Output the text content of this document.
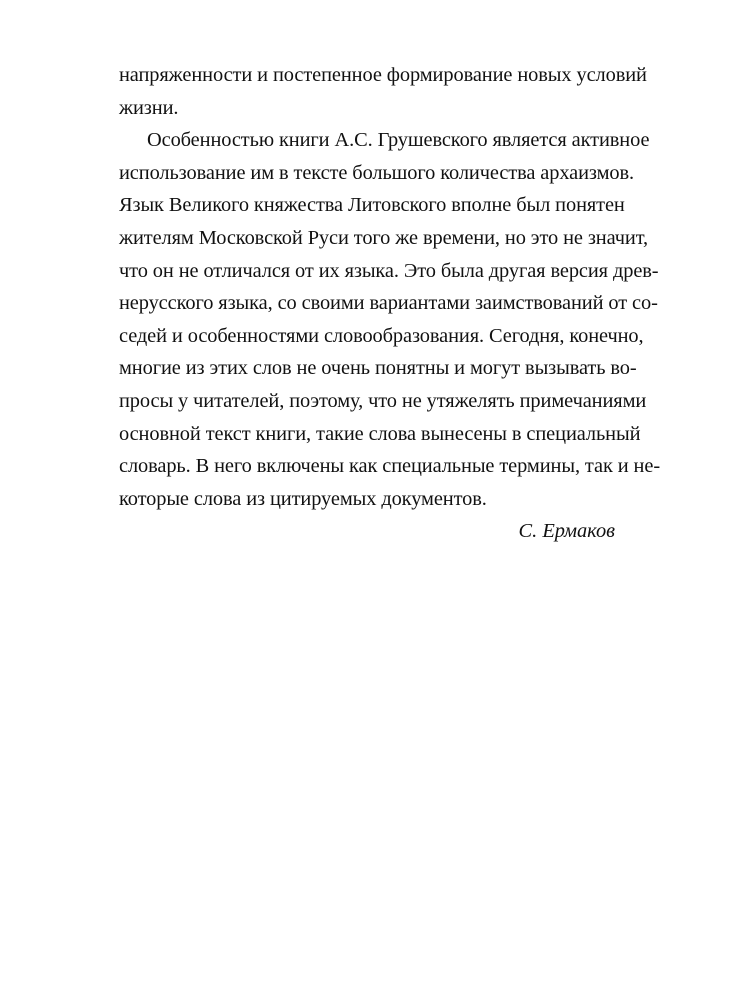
напряженности и постепенное формирование новых условий
жизни.
Особенностью книги А.С. Грушевского является активное
использование им в тексте большого количества архаизмов.
Язык Великого княжества Литовского вполне был понятен
жителям Московской Руси того же времени, но это не значит,
что он не отличался от их языка. Это была другая версия древ-
нерусского языка, со своими вариантами заимствований от со-
седей и особенностями словообразования. Сегодня, конечно,
многие из этих слов не очень понятны и могут вызывать во-
просы у читателей, поэтому, что не утяжелять примечаниями
основной текст книги, такие слова вынесены в специальный
словарь. В него включены как специальные термины, так и не-
которые слова из цитируемых документов.
С. Ермаков
